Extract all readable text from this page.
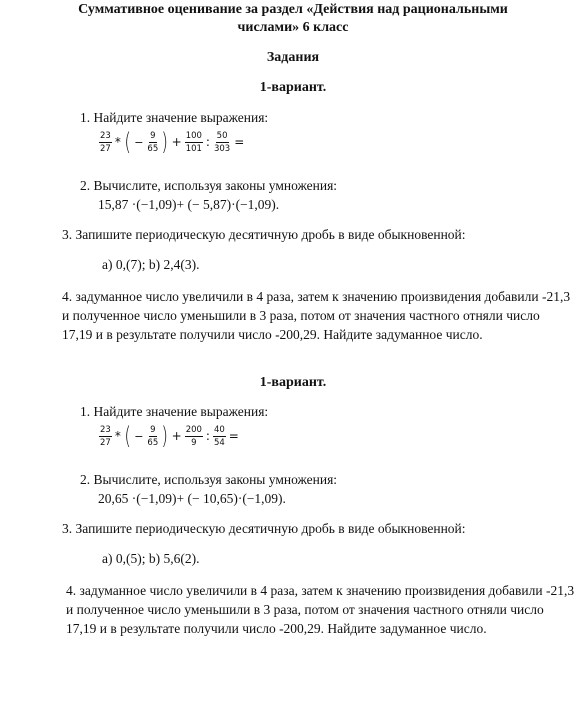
Суммативное оценивание за раздел «Действия над рациональными
числами» 6 класс
Задания
1-вариант.
1. Найдите значение выражения:
$\frac{23}{27}$ * ( − $\frac{9}{65}$ ) + $\frac{100}{101}$ : $\frac{50}{303}$ =
2. Вычислите, используя законы умножения:
15,87 ·(−1,09)+ (− 5,87)·(−1,09).
3. Запишите периодическую десятичную дробь в виде обыкновенной:
a) 0,(7); b) 2,4(3).
4. задуманное число увеличили в 4 раза, затем к значению произвидения добавили -21,3 и полученное число уменьшили в 3 раза, потом от значения частного отняли число 17,19 и в результате получили число -200,29. Найдите задуманное число.
1-вариант.
1. Найдите значение выражения:
$\frac{23}{27}$ * ( − $\frac{9}{65}$ ) + $\frac{200}{9}$ : $\frac{40}{54}$ =
2. Вычислите, используя законы умножения:
20,65 ·(−1,09)+ (− 10,65)·(−1,09).
3. Запишите периодическую десятичную дробь в виде обыкновенной:
a) 0,(5); b) 5,6(2).
4. задуманное число увеличили в 4 раза, затем к значению произвидения добавили -21,3 и полученное число уменьшили в 3 раза, потом от значения частного отняли число 17,19 и в результате получили число -200,29. Найдите задуманное число.
